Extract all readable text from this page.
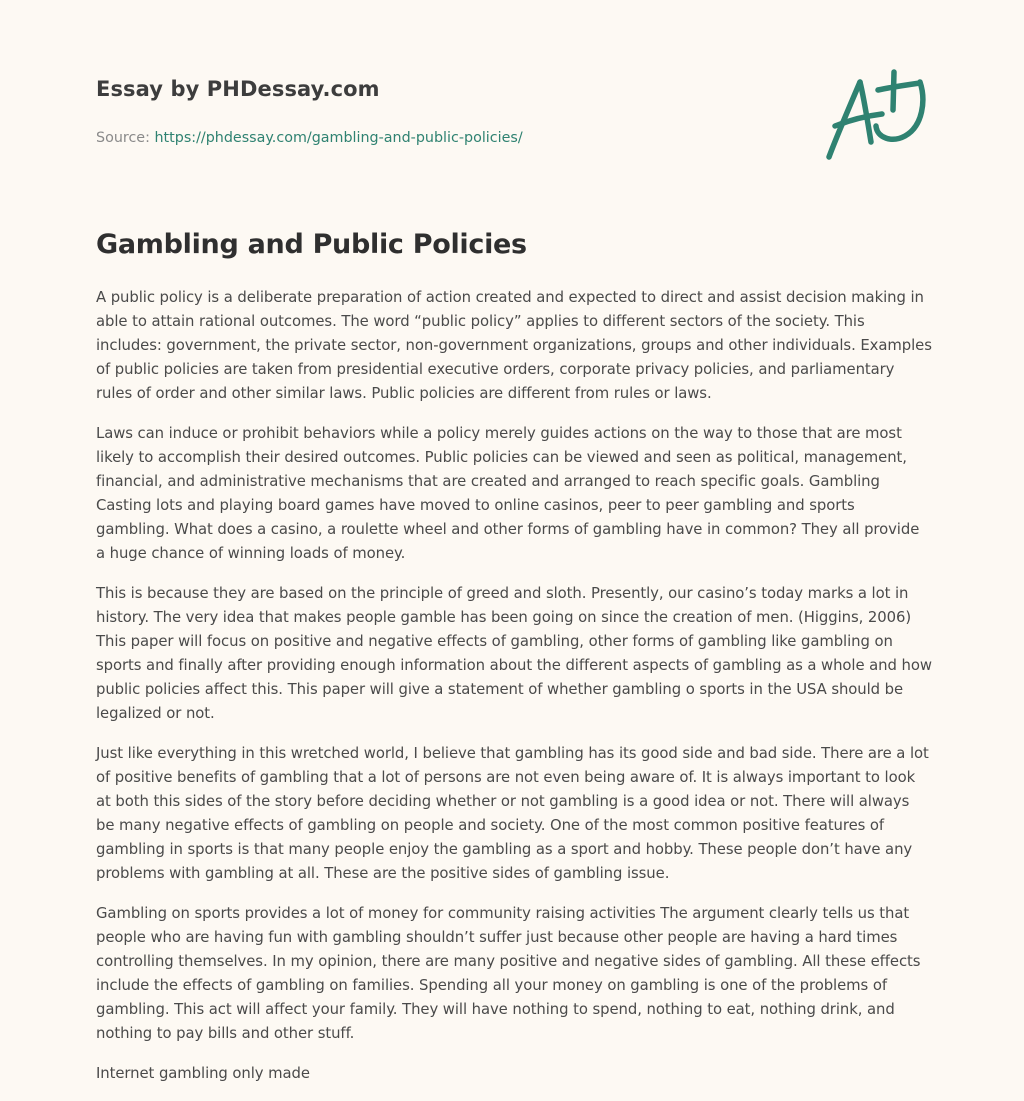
Essay by PHDessay.com
Source: https://phdessay.com/gambling-and-public-policies/
Gambling and Public Policies

A public policy is a deliberate preparation of action created and expected to direct and assist decision making in able to attain rational outcomes. The word “public policy” applies to different sectors of the society. This includes: government, the private sector, non-government organizations, groups and other individuals. Examples of public policies are taken from presidential executive orders, corporate privacy policies, and parliamentary rules of order and other similar laws. Public policies are different from rules or laws.

Laws can induce or prohibit behaviors while a policy merely guides actions on the way to those that are most likely to accomplish their desired outcomes. Public policies can be viewed and seen as political, management, financial, and administrative mechanisms that are created and arranged to reach specific goals. Gambling Casting lots and playing board games have moved to online casinos, peer to peer gambling and sports gambling. What does a casino, a roulette wheel and other forms of gambling have in common? They all provide a huge chance of winning loads of money.

This is because they are based on the principle of greed and sloth. Presently, our casino’s today marks a lot in history. The very idea that makes people gamble has been going on since the creation of men. (Higgins, 2006) This paper will focus on positive and negative effects of gambling, other forms of gambling like gambling on sports and finally after providing enough information about the different aspects of gambling as a whole and how public policies affect this. This paper will give a statement of whether gambling o sports in the USA should be legalized or not.

Just like everything in this wretched world, I believe that gambling has its good side and bad side. There are a lot of positive benefits of gambling that a lot of persons are not even being aware of. It is always important to look at both this sides of the story before deciding whether or not gambling is a good idea or not. There will always be many negative effects of gambling on people and society. One of the most common positive features of gambling in sports is that many people enjoy the gambling as a sport and hobby. These people don’t have any problems with gambling at all. These are the positive sides of gambling issue.

Gambling on sports provides a lot of money for community raising activities The argument clearly tells us that people who are having fun with gambling shouldn’t suffer just because other people are having a hard times controlling themselves. In my opinion, there are many positive and negative sides of gambling. All these effects include the effects of gambling on families. Spending all your money on gambling is one of the problems of gambling. This act will affect your family. They will have nothing to spend, nothing to eat, nothing drink, and nothing to pay bills and other stuff.

Internet gambling only made
